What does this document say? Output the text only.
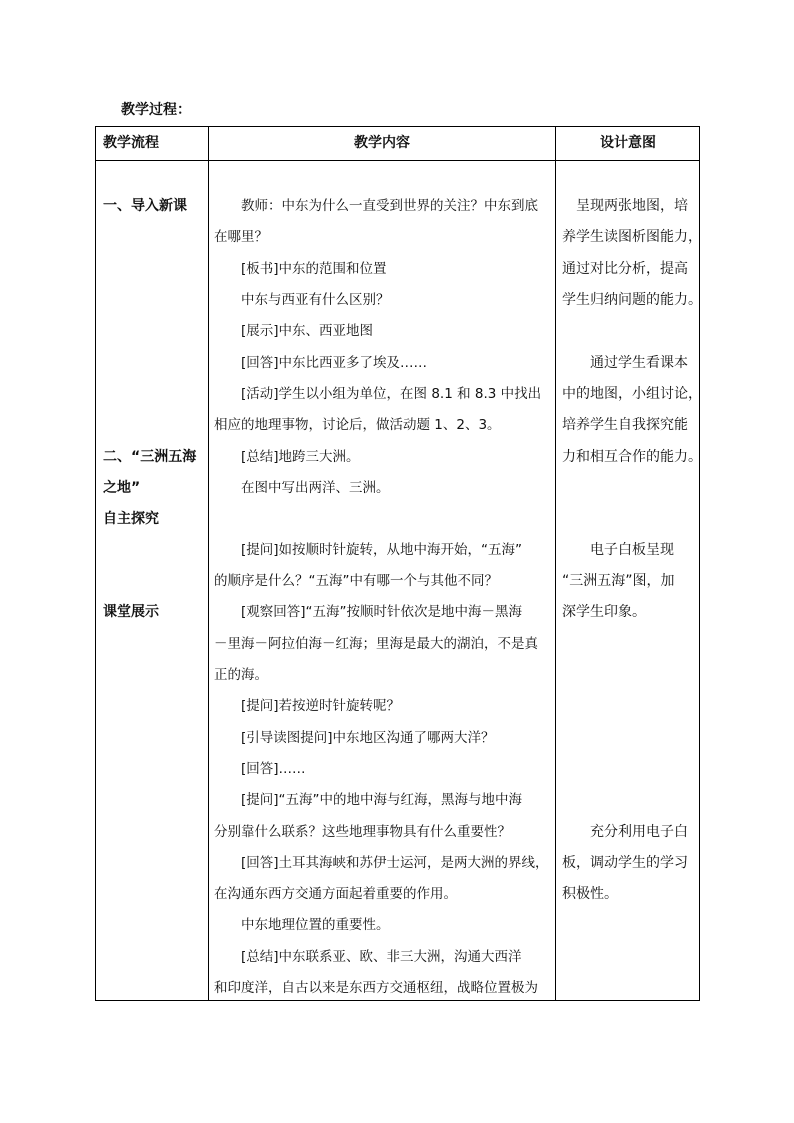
教学过程：
教学流程	教学内容	设计意图
一、导入新课
二、“三洲五海
之地”
自主探究
课堂展示
　　教师：中东为什么一直受到世界的关注？中东到底
在哪里？
　　[板书]中东的范围和位置
　　中东与西亚有什么区别？
　　[展示]中东、西亚地图
　　[回答]中东比西亚多了埃及……
　　[活动]学生以小组为单位，在图 8.1 和 8.3 中找出
相应的地理事物，讨论后，做活动题 1、2、3。
　　[总结]地跨三大洲。
　　在图中写出两洋、三洲。
　　[提问]如按顺时针旋转，从地中海开始，“五海”
的顺序是什么？“五海”中有哪一个与其他不同？
　　[观察回答]“五海”按顺时针依次是地中海－黑海
－里海－阿拉伯海－红海；里海是最大的湖泊，不是真
正的海。
　　[提问]若按逆时针旋转呢？
　　[引导读图提问]中东地区沟通了哪两大洋？
　　[回答]……
　　[提问]“五海”中的地中海与红海，黑海与地中海
分别靠什么联系？这些地理事物具有什么重要性？
　　[回答]土耳其海峡和苏伊士运河，是两大洲的界线，
在沟通东西方交通方面起着重要的作用。
　　中东地理位置的重要性。
　　[总结]中东联系亚、欧、非三大洲，沟通大西洋
和印度洋，自古以来是东西方交通枢纽，战略位置极为
　呈现两张地图，培
养学生读图析图能力，
通过对比分析，提高
学生归纳问题的能力。
　　通过学生看课本
中的地图，小组讨论，
培养学生自我探究能
力和相互合作的能力。
　　电子白板呈现
“三洲五海”图，加
深学生印象。
　　充分利用电子白
板，调动学生的学习
积极性。
